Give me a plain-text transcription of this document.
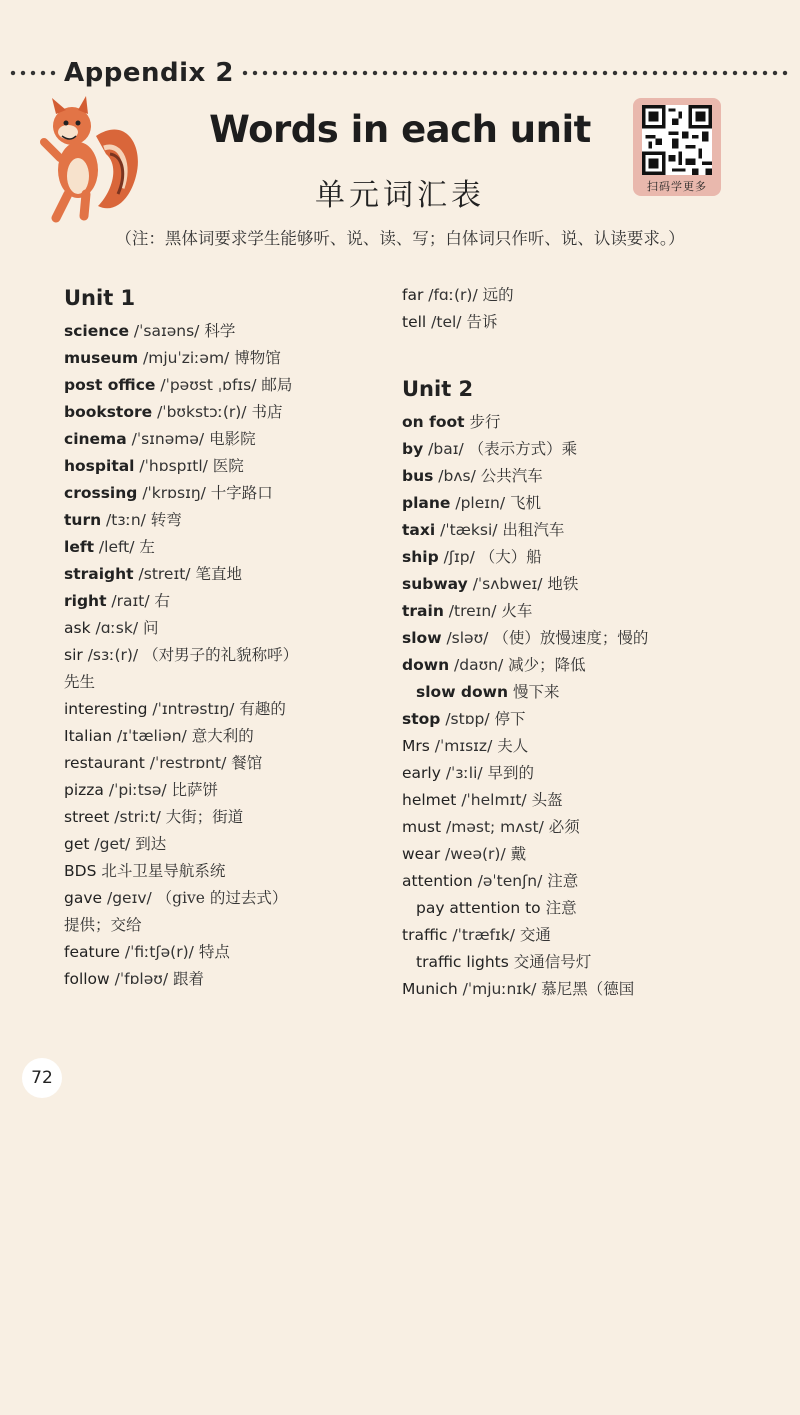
Appendix 2
Words in each unit
单元词汇表	扫码学更多
（注：黑体词要求学生能够听、说、读、写；白体词只作听、说、认读要求。）
Unit 1
science /ˈsaɪəns/ 科学
museum /mjuˈziːəm/ 博物馆
post office /ˈpəʊst ˌɒfɪs/ 邮局
bookstore /ˈbʊkstɔː(r)/ 书店
cinema /ˈsɪnəmə/ 电影院
hospital /ˈhɒspɪtl/ 医院
crossing /ˈkrɒsɪŋ/ 十字路口
turn /tɜːn/ 转弯
left /left/ 左
straight /streɪt/ 笔直地
right /raɪt/ 右
ask /ɑːsk/ 问
sir /sɜː(r)/ （对男子的礼貌称呼）
先生
interesting /ˈɪntrəstɪŋ/ 有趣的
Italian /ɪˈtæliən/ 意大利的
restaurant /ˈrestrɒnt/ 餐馆
pizza /ˈpiːtsə/ 比萨饼
street /striːt/ 大街；街道
get /get/ 到达
BDS 北斗卫星导航系统
gave /geɪv/ （give 的过去式）
提供；交给
feature /ˈfiːtʃə(r)/ 特点
follow /ˈfɒləʊ/ 跟着
far /fɑː(r)/ 远的
tell /tel/ 告诉
Unit 2
on foot 步行
by /baɪ/ （表示方式）乘
bus /bʌs/ 公共汽车
plane /pleɪn/ 飞机
taxi /ˈtæksi/ 出租汽车
ship /ʃɪp/ （大）船
subway /ˈsʌbweɪ/ 地铁
train /treɪn/ 火车
slow /sləʊ/ （使）放慢速度；慢的
down /daʊn/ 减少；降低
slow down 慢下来
stop /stɒp/ 停下
Mrs /ˈmɪsɪz/ 夫人
early /ˈɜːli/ 早到的
helmet /ˈhelmɪt/ 头盔
must /məst; mʌst/ 必须
wear /weə(r)/ 戴
attention /əˈtenʃn/ 注意
pay attention to 注意
traffic /ˈtræfɪk/ 交通
traffic lights 交通信号灯
Munich /ˈmjuːnɪk/ 慕尼黑（德国
72
